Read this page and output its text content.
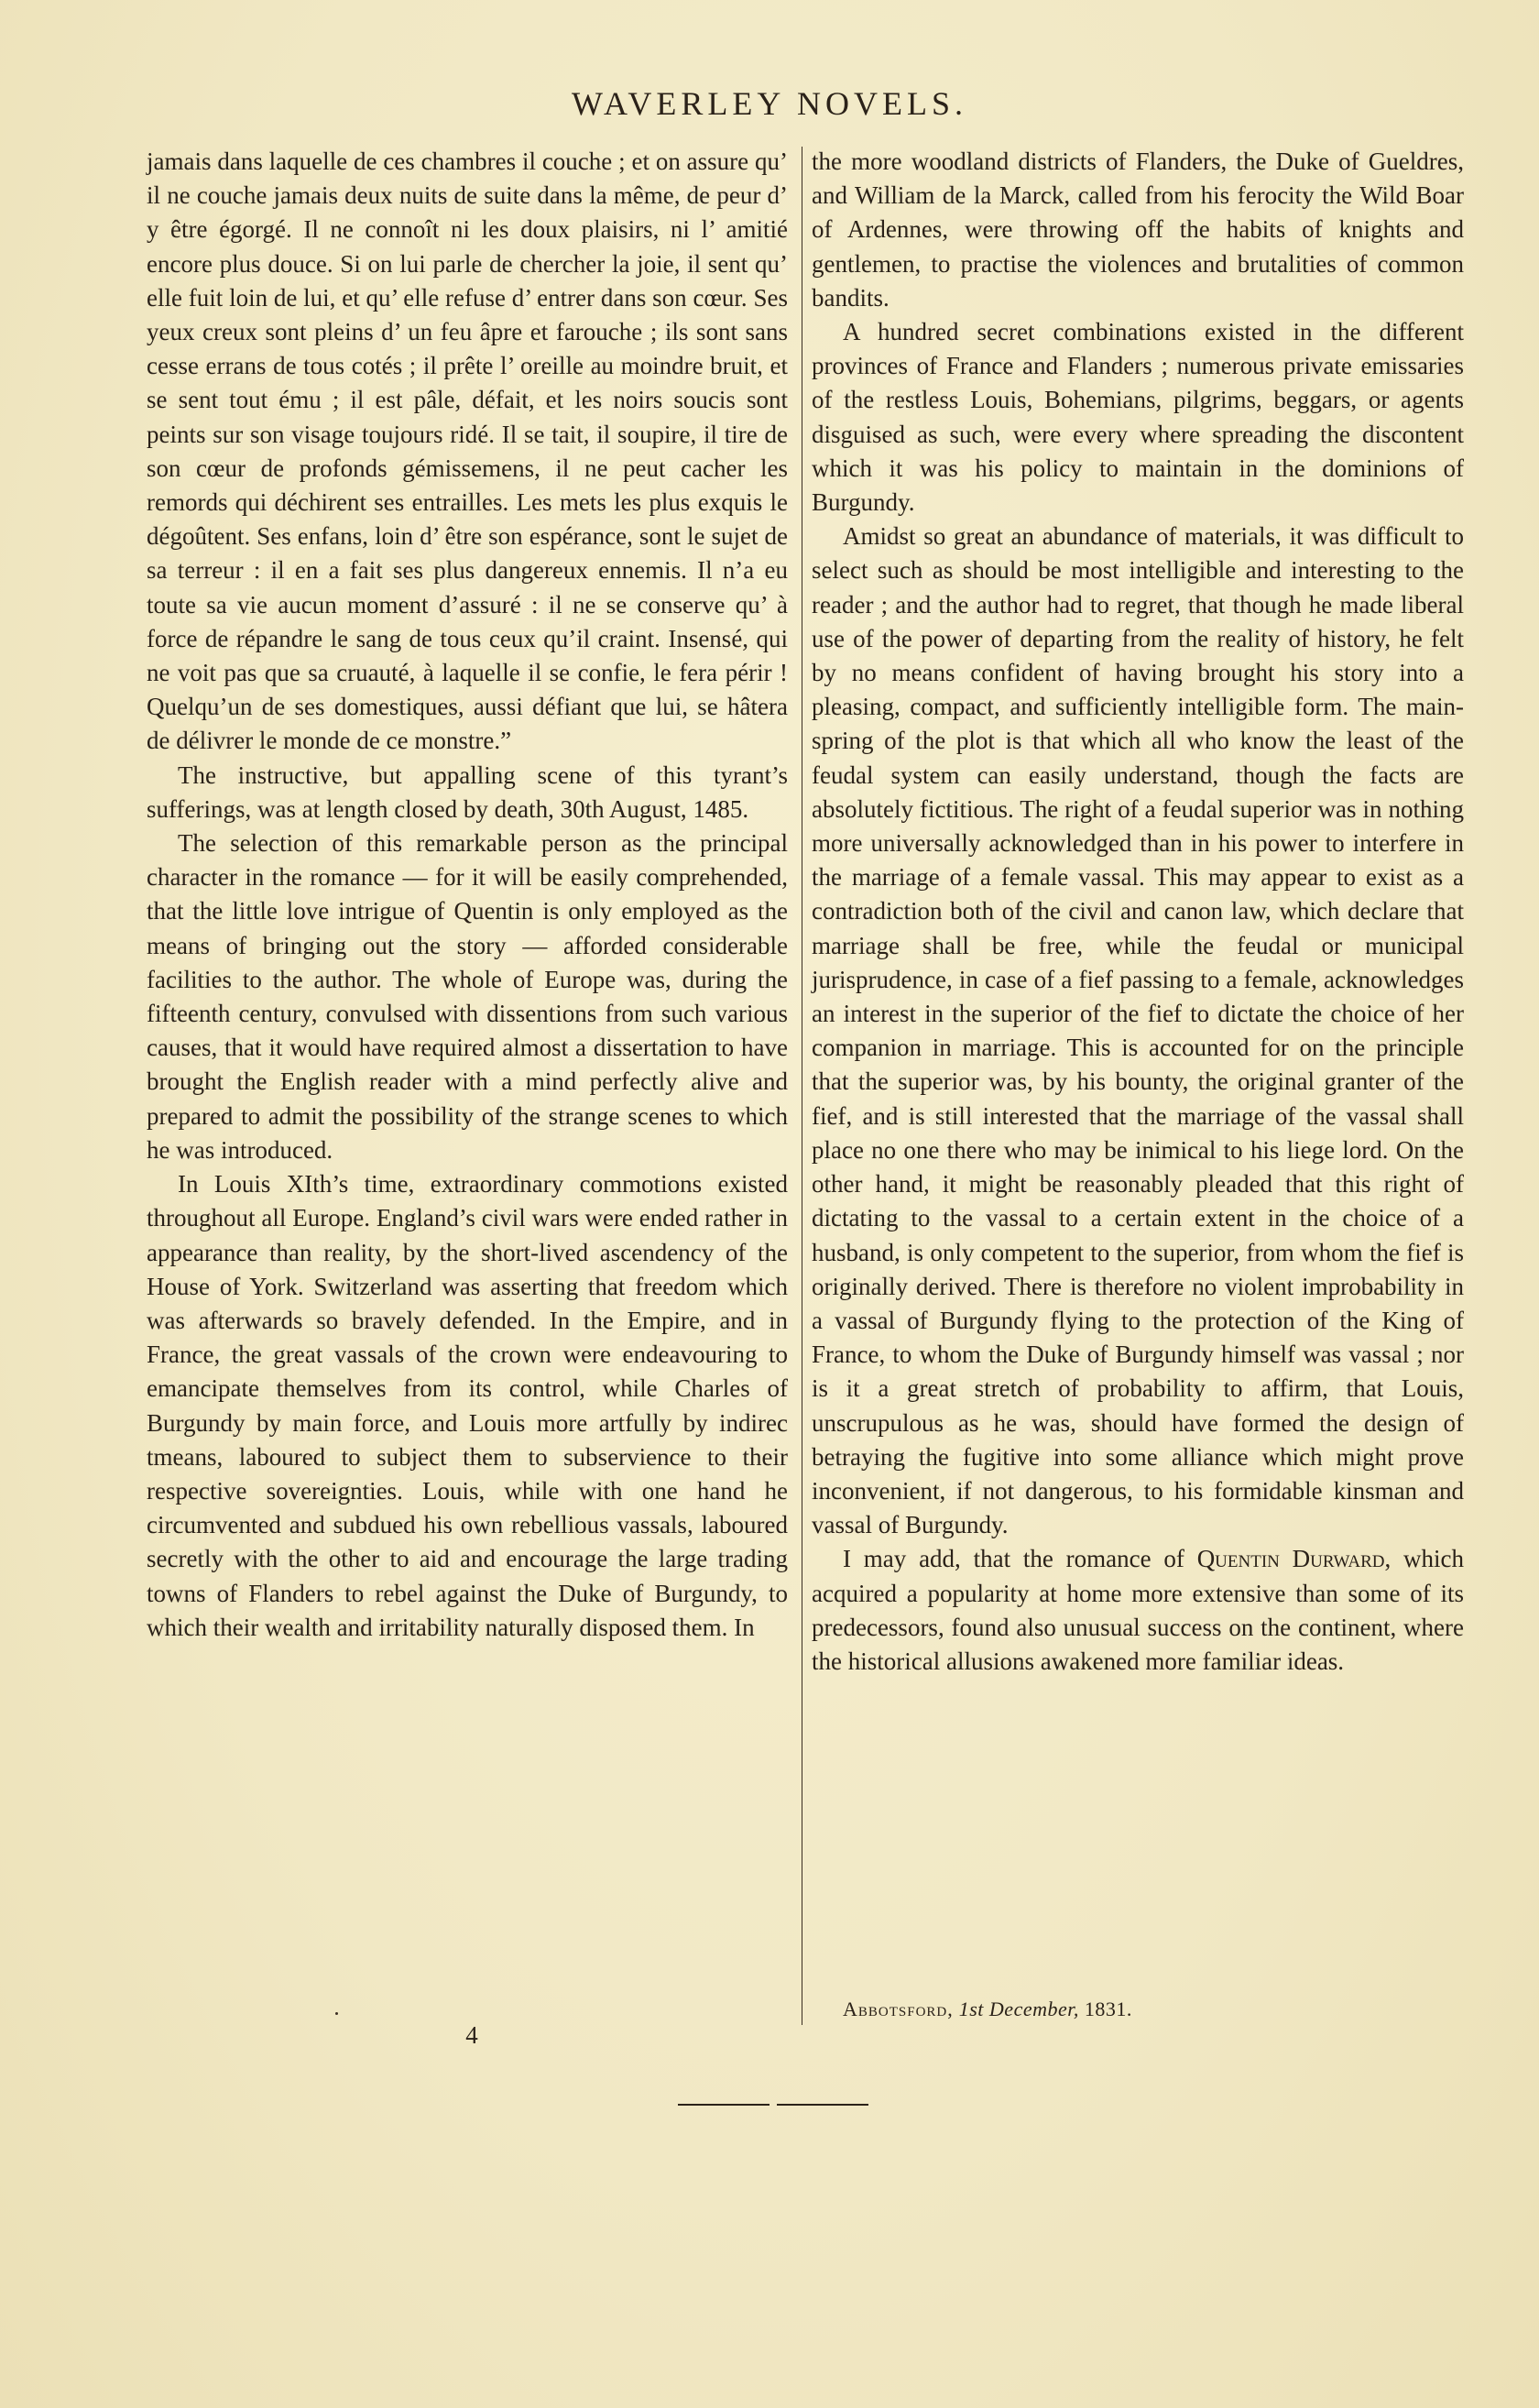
WAVERLEY NOVELS.

jamais dans laquelle de ces chambres il couche ; et on assure qu’ il ne couche jamais deux nuits de suite dans la même, de peur d’ y être égorgé. Il ne connoît ni les doux plaisirs, ni l’ amitié encore plus douce. Si on lui parle de chercher la joie, il sent qu’ elle fuit loin de lui, et qu’ elle refuse d’ entrer dans son cœur. Ses yeux creux sont pleins d’ un feu âpre et farouche ; ils sont sans cesse errans de tous cotés ; il prête l’ oreille au moindre bruit, et se sent tout ému ; il est pâle, défait, et les noirs soucis sont peints sur son visage toujours ridé. Il se tait, il soupire, il tire de son cœur de profonds gémissemens, il ne peut cacher les remords qui déchirent ses entrailles. Les mets les plus exquis le dégoûtent. Ses enfans, loin d’ être son espérance, sont le sujet de sa terreur : il en a fait ses plus dangereux ennemis. Il n’a eu toute sa vie aucun moment d’assuré : il ne se conserve qu’ à force de répandre le sang de tous ceux qu’il craint. Insensé, qui ne voit pas que sa cruauté, à laquelle il se confie, le fera périr ! Quelqu’un de ses domestiques, aussi défiant que lui, se hâtera de délivrer le monde de ce monstre.”

The instructive, but appalling scene of this tyrant’s sufferings, was at length closed by death, 30th August, 1485.

The selection of this remarkable person as the principal character in the romance — for it will be easily comprehended, that the little love intrigue of Quentin is only employed as the means of bringing out the story — afforded considerable facilities to the author. The whole of Europe was, during the fifteenth century, convulsed with dissentions from such various causes, that it would have required almost a dissertation to have brought the English reader with a mind perfectly alive and prepared to admit the possibility of the strange scenes to which he was introduced.

In Louis XIth’s time, extraordinary commotions existed throughout all Europe. England’s civil wars were ended rather in appearance than reality, by the short-lived ascendency of the House of York. Switzerland was asserting that freedom which was afterwards so bravely defended. In the Empire, and in France, the great vassals of the crown were endeavouring to emancipate themselves from its control, while Charles of Burgundy by main force, and Louis more artfully by indirec tmeans, laboured to subject them to subservience to their respective sovereignties. Louis, while with one hand he circumvented and subdued his own rebellious vassals, laboured secretly with the other to aid and encourage the large trading towns of Flanders to rebel against the Duke of Burgundy, to which their wealth and irritability naturally disposed them. In

the more woodland districts of Flanders, the Duke of Gueldres, and William de la Marck, called from his ferocity the Wild Boar of Ardennes, were throwing off the habits of knights and gentlemen, to practise the violences and brutalities of common bandits.

A hundred secret combinations existed in the different provinces of France and Flanders ; numerous private emissaries of the restless Louis, Bohemians, pilgrims, beggars, or agents disguised as such, were every where spreading the discontent which it was his policy to maintain in the dominions of Burgundy.

Amidst so great an abundance of materials, it was difficult to select such as should be most intelligible and interesting to the reader ; and the author had to regret, that though he made liberal use of the power of departing from the reality of history, he felt by no means confident of having brought his story into a pleasing, compact, and sufficiently intelligible form. The main-spring of the plot is that which all who know the least of the feudal system can easily understand, though the facts are absolutely fictitious. The right of a feudal superior was in nothing more universally acknowledged than in his power to interfere in the marriage of a female vassal. This may appear to exist as a contradiction both of the civil and canon law, which declare that marriage shall be free, while the feudal or municipal jurisprudence, in case of a fief passing to a female, acknowledges an interest in the superior of the fief to dictate the choice of her companion in marriage. This is accounted for on the principle that the superior was, by his bounty, the original granter of the fief, and is still interested that the marriage of the vassal shall place no one there who may be inimical to his liege lord. On the other hand, it might be reasonably pleaded that this right of dictating to the vassal to a certain extent in the choice of a husband, is only competent to the superior, from whom the fief is originally derived. There is therefore no violent improbability in a vassal of Burgundy flying to the protection of the King of France, to whom the Duke of Burgundy himself was vassal ; nor is it a great stretch of probability to affirm, that Louis, unscrupulous as he was, should have formed the design of betraying the fugitive into some alliance which might prove inconvenient, if not dangerous, to his formidable kinsman and vassal of Burgundy.

I may add, that the romance of Quentin Durward, which acquired a popularity at home more extensive than some of its predecessors, found also unusual success on the continent, where the historical allusions awakened more familiar ideas.

Abbotsford, 1st December, 1831.
4
